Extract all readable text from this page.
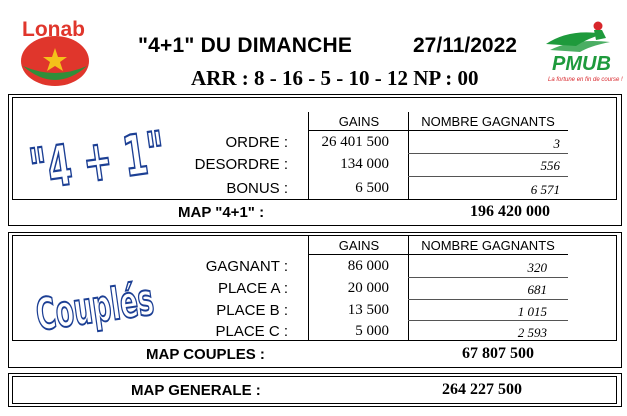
Lonab
"4+1" DU DIMANCHE	27/11/2022
ARR : 8 - 16 - 5 - 10 - 12 NP : 00
PMUB
La fortune en fin de course !
"4 +	GAINS	NOMBRE GAGNANTS
ORDRE :	26 401 500	3
DESORDRE :	134 000	556
BONUS :	6 500	6 571
MAP "4+1" :	196 420 000
Couplés
GAINS	NOMBRE GAGNANTS
GAGNANT :	86 000	320
PLACE A :	20 000	681
PLACE B :	13 500	1 015
PLACE C :	5 000	2 593
MAP COUPLES :	67 807 500
MAP GENERALE :	264 227 500
